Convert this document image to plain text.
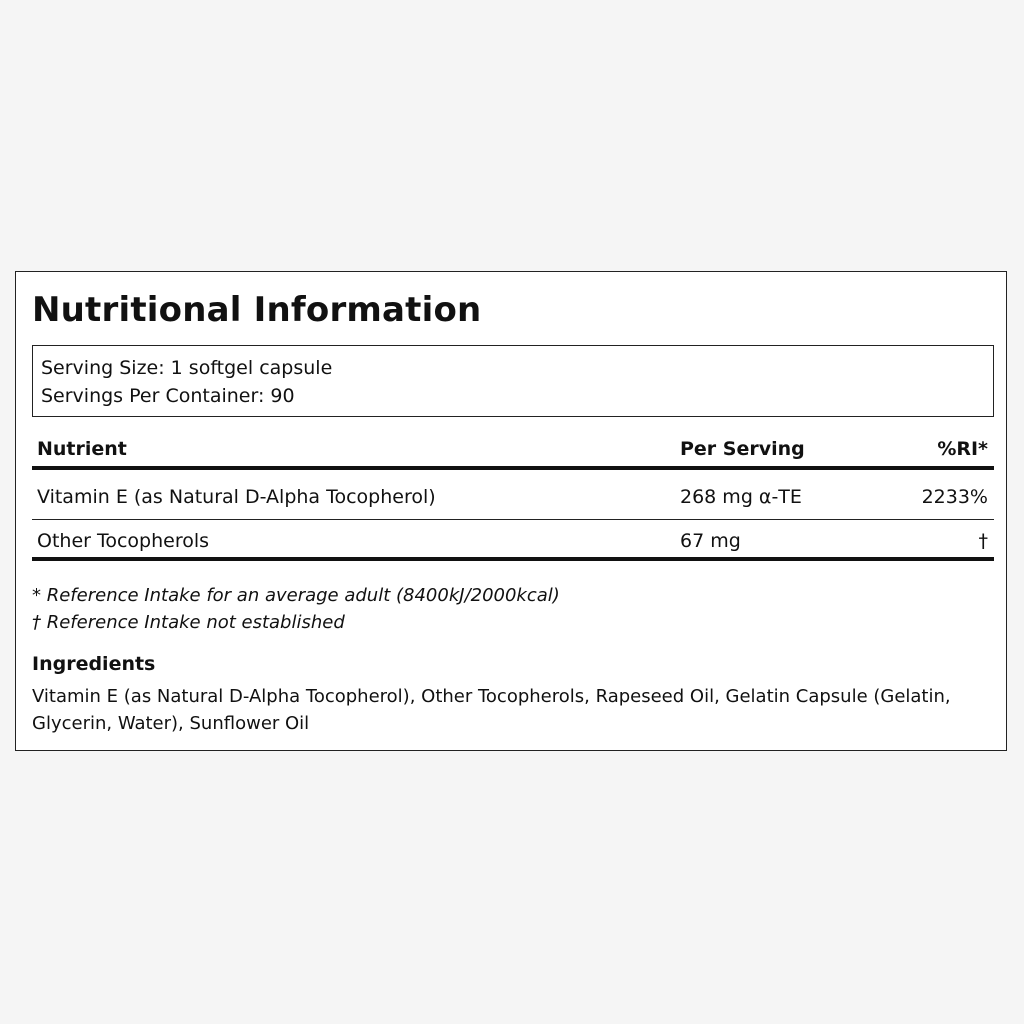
Nutritional Information
Serving Size: 1 softgel capsule
Servings Per Container: 90
Nutrient	Per Serving	%RI*
Vitamin E (as Natural D-Alpha Tocopherol)	268 mg α-TE	2233%
Other Tocopherols	67 mg	†
* Reference Intake for an average adult (8400kJ/2000kcal)
† Reference Intake not established
Ingredients

Vitamin E (as Natural D-Alpha Tocopherol), Other Tocopherols, Rapeseed Oil, Gelatin Capsule (Gelatin, Glycerin, Water), Sunflower Oil
